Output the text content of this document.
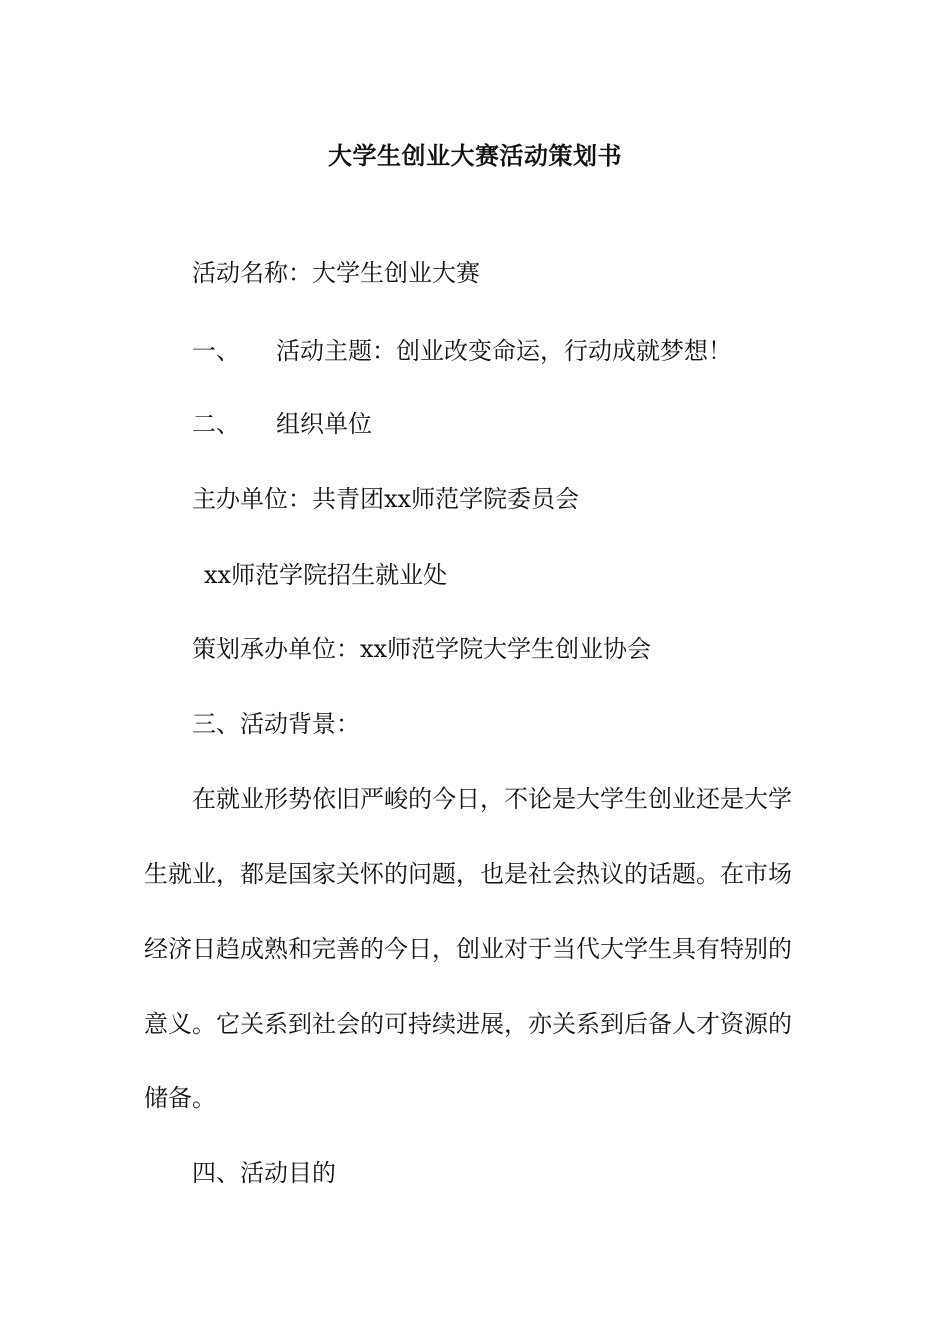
大学生创业大赛活动策划书
活动名称：大学生创业大赛
一、 活动主题：创业改变命运，行动成就梦想！
二、 组织单位
主办单位：共青团xx师范学院委员会
xx师范学院招生就业处
策划承办单位：xx师范学院大学生创业协会
三、活动背景：
在就业形势依旧严峻的今日，不论是大学生创业还是大学
生就业，都是国家关怀的问题，也是社会热议的话题。在市场
经济日趋成熟和完善的今日，创业对于当代大学生具有特别的
意义。它关系到社会的可持续进展，亦关系到后备人才资源的
储备。
四、活动目的
